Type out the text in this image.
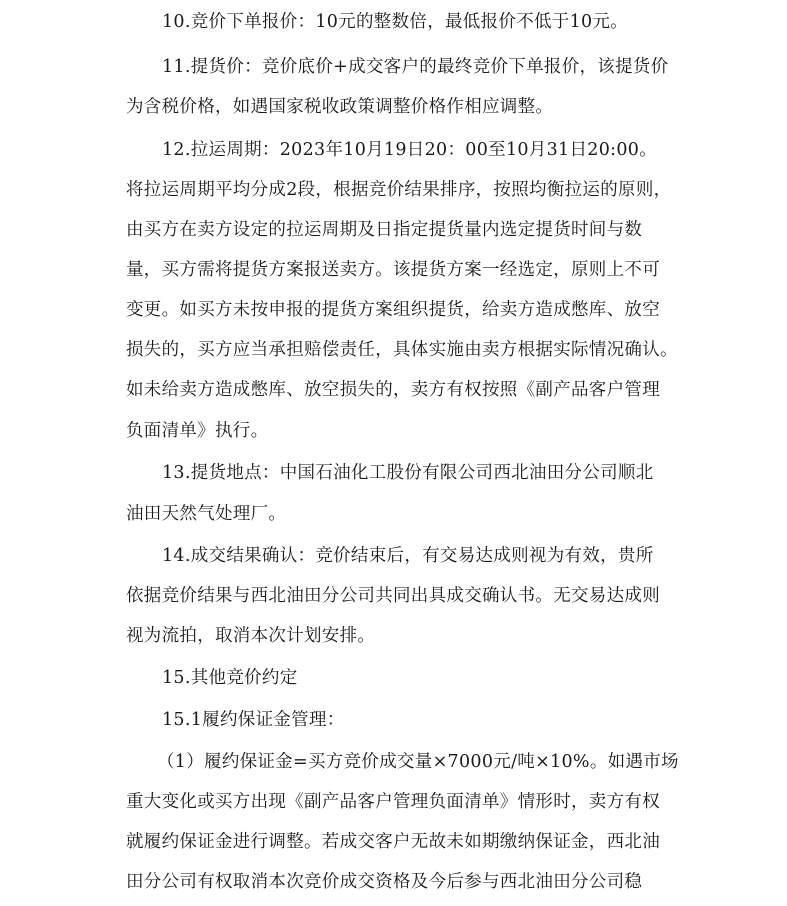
10.竞价下单报价：10元的整数倍，最低报价不低于10元。
11.提货价：竞价底价+成交客户的最终竞价下单报价，该提货价
为含税价格，如遇国家税收政策调整价格作相应调整。
12.拉运周期：2023年10月19日20：00至10月31日20:00。
将拉运周期平均分成2段，根据竞价结果排序，按照均衡拉运的原则，
由买方在卖方设定的拉运周期及日指定提货量内选定提货时间与数
量，买方需将提货方案报送卖方。该提货方案一经选定，原则上不可
变更。如买方未按申报的提货方案组织提货，给卖方造成憋库、放空
损失的，买方应当承担赔偿责任，具体实施由卖方根据实际情况确认。
如未给卖方造成憋库、放空损失的，卖方有权按照《副产品客户管理
负面清单》执行。
13.提货地点：中国石油化工股份有限公司西北油田分公司顺北
油田天然气处理厂。
14.成交结果确认：竞价结束后，有交易达成则视为有效，贵所
依据竞价结果与西北油田分公司共同出具成交确认书。无交易达成则
视为流拍，取消本次计划安排。
15.其他竞价约定
15.1履约保证金管理：
（1）履约保证金=买方竞价成交量×7000元/吨×10%。如遇市场
重大变化或买方出现《副产品客户管理负面清单》情形时，卖方有权
就履约保证金进行调整。若成交客户无故未如期缴纳保证金，西北油
田分公司有权取消本次竞价成交资格及今后参与西北油田分公司稳
